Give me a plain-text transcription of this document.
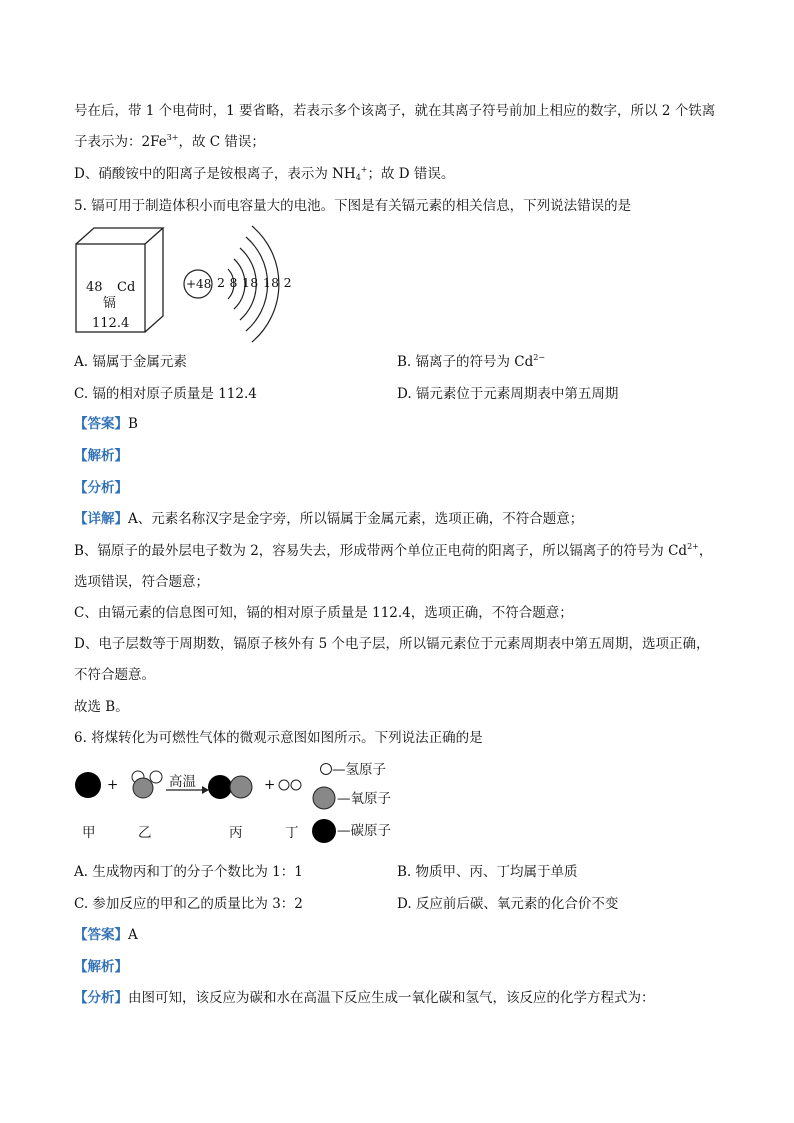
号在后，带 1 个电荷时，1 要省略，若表示多个该离子，就在其离子符号前加上相应的数字，所以 2 个铁离
子表示为：$2Fe^{3+}$，故 C 错误；
D、硝酸铵中的阳离子是铵根离子，表示为 $NH_4^+$；故 D 错误。
5. 镉可用于制造体积小而电容量大的电池。下图是有关镉元素的相关信息，下列说法错误的是
48 Cd
镉
112.4
+48 2 8 18 18 2
A. 镉属于金属元素	B. 镉离子的符号为 $Cd^{2-}$
C. 镉的相对原子质量是 112.4	D. 镉元素位于元素周期表中第五周期
【答案】B
【解析】
【分析】
【详解】A、元素名称汉字是金字旁，所以镉属于金属元素，选项正确，不符合题意；
B、镉原子的最外层电子数为 2，容易失去，形成带两个单位正电荷的阳离子，所以镉离子的符号为 $Cd^{2+}$，
选项错误，符合题意；
C、由镉元素的信息图可知，镉的相对原子质量是 112.4，选项正确，不符合题意；
D、电子层数等于周期数，镉原子核外有 5 个电子层，所以镉元素位于元素周期表中第五周期，选项正确，
不符合题意。
故选 B。
6. 将煤转化为可燃性气体的微观示意图如图所示。下列说法正确的是
+	高温	+
—氢原子
—氧原子
—碳原子
甲	乙	丙	丁
A. 生成物丙和丁的分子个数比为 1：1	B. 物质甲、丙、丁均属于单质
C. 参加反应的甲和乙的质量比为 3：2	D. 反应前后碳、氧元素的化合价不变
【答案】A
【解析】
【分析】由图可知，该反应为碳和水在高温下反应生成一氧化碳和氢气，该反应的化学方程式为：
